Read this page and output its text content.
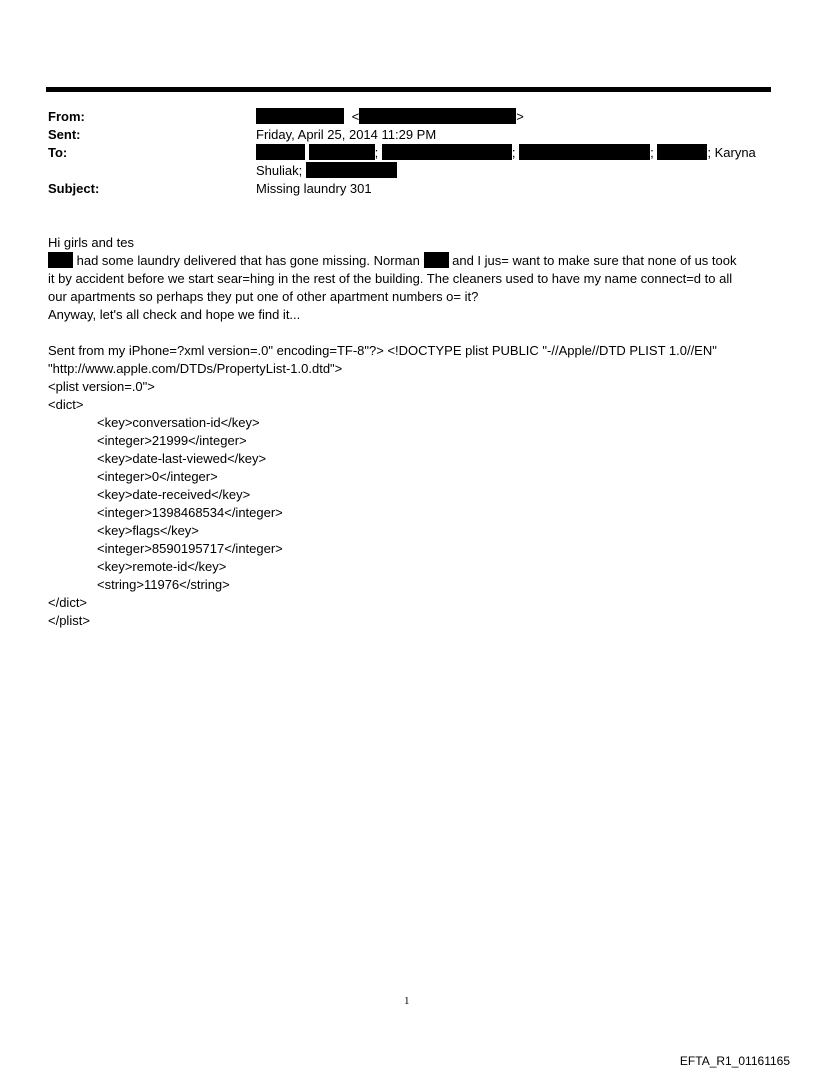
From:	<	>
Sent:	Friday, April 25, 2014 11:29 PM
To:	;	;	;	; Karyna
Shuliak;
Subject:	Missing laundry 301
Hi girls and tes
had some laundry delivered that has gone missing. Norman and I jus= want to make sure that none of us took
it by accident before we start sear=hing in the rest of the building. The cleaners used to have my name connect=d to all
our apartments so perhaps they put one of other apartment numbers o= it?
Anyway, let's all check and hope we find it...
Sent from my iPhone=?xml version=.0" encoding=TF-8"?> <!DOCTYPE plist PUBLIC "-//Apple//DTD PLIST 1.0//EN"
"http://www.apple.com/DTDs/PropertyList-1.0.dtd">
<plist version=.0">
<dict>
<key>conversation-id</key>
<integer>21999</integer>
<key>date-last-viewed</key>
<integer>0</integer>
<key>date-received</key>
<integer>1398468534</integer>
<key>flags</key>
<integer>8590195717</integer>
<key>remote-id</key>
<string>11976</string>
</dict>
</plist>
1
EFTA_R1_01161165
